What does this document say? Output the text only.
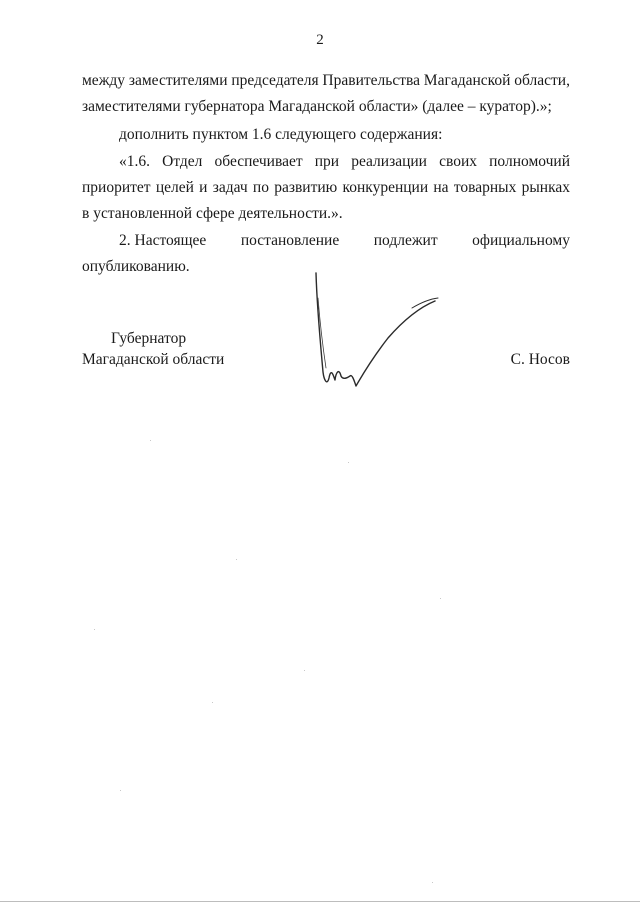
2
между заместителями председателя Правительства Магаданской области,
заместителями губернатора Магаданской области» (далее – куратор).»;
дополнить пунктом 1.6 следующего содержания:
«1.6. Отдел обеспечивает при реализации своих полномочий
приоритет целей и задач по развитию конкуренции на товарных рынках
в установленной сфере деятельности.».
2. Настоящее постановление подлежит официальному
опубликованию.
Губернатор
Магаданской области	С. Носов
